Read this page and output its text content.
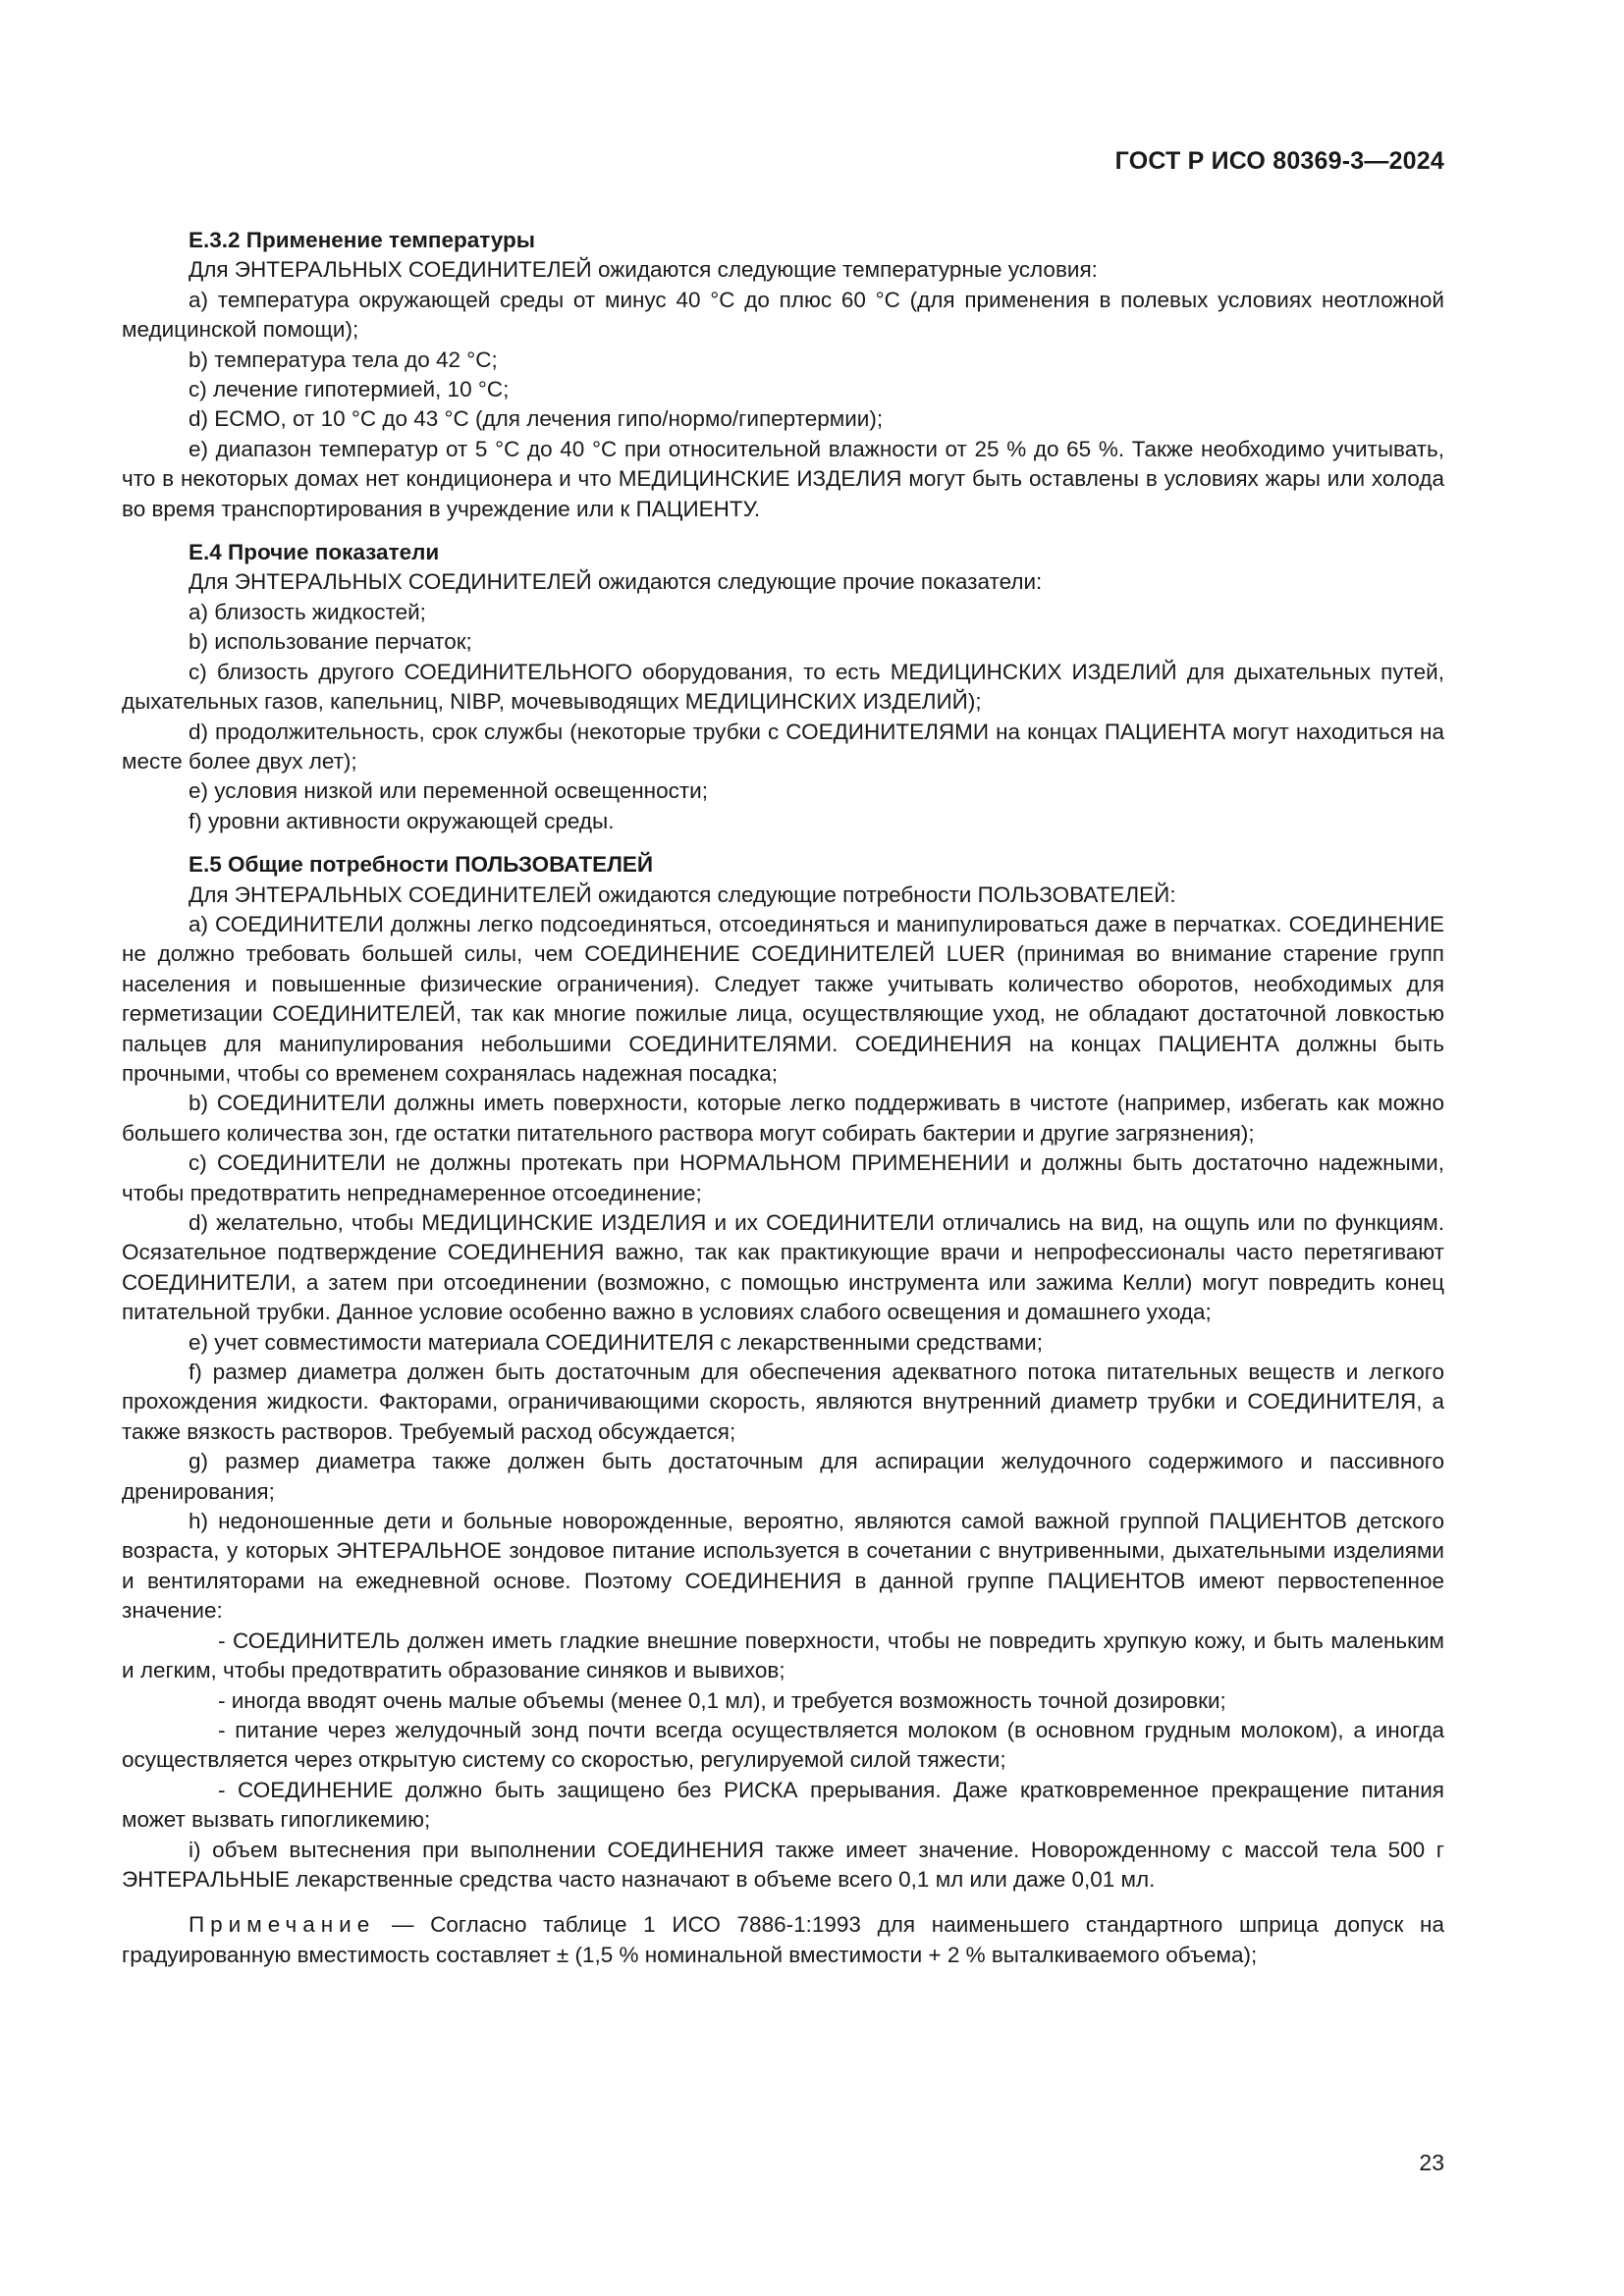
ГОСТ Р ИСО 80369-3—2024
Е.3.2 Применение температуры

Для ЭНТЕРАЛЬНЫХ СОЕДИНИТЕЛЕЙ ожидаются следующие температурные условия:

a) температура окружающей среды от минус 40 °С до плюс 60 °С (для применения в полевых условиях неотложной медицинской помощи);

b) температура тела до 42 °С;

c) лечение гипотермией, 10 °С;

d) ЕСМО, от 10 °С до 43 °С (для лечения гипо/нормо/гипертермии);

e) диапазон температур от 5 °С до 40 °С при относительной влажности от 25 % до 65 %. Также необходимо учитывать, что в некоторых домах нет кондиционера и что МЕДИЦИНСКИЕ ИЗДЕЛИЯ могут быть оставлены в условиях жары или холода во время транспортирования в учреждение или к ПАЦИЕНТУ.

Е.4 Прочие показатели

Для ЭНТЕРАЛЬНЫХ СОЕДИНИТЕЛЕЙ ожидаются следующие прочие показатели:

a) близость жидкостей;

b) использование перчаток;

c) близость другого СОЕДИНИТЕЛЬНОГО оборудования, то есть МЕДИЦИНСКИХ ИЗДЕЛИЙ для дыхательных путей, дыхательных газов, капельниц, NIBP, мочевыводящих МЕДИЦИНСКИХ ИЗДЕЛИЙ);

d) продолжительность, срок службы (некоторые трубки с СОЕДИНИТЕЛЯМИ на концах ПАЦИЕНТА могут находиться на месте более двух лет);

e) условия низкой или переменной освещенности;

f) уровни активности окружающей среды.

Е.5 Общие потребности ПОЛЬЗОВАТЕЛЕЙ

Для ЭНТЕРАЛЬНЫХ СОЕДИНИТЕЛЕЙ ожидаются следующие потребности ПОЛЬЗОВАТЕЛЕЙ:

a) СОЕДИНИТЕЛИ должны легко подсоединяться, отсоединяться и манипулироваться даже в перчатках. СОЕДИНЕНИЕ не должно требовать большей силы, чем СОЕДИНЕНИЕ СОЕДИНИТЕЛЕЙ LUER (принимая во внимание старение групп населения и повышенные физические ограничения). Следует также учитывать количество оборотов, необходимых для герметизации СОЕДИНИТЕЛЕЙ, так как многие пожилые лица, осуществляющие уход, не обладают достаточной ловкостью пальцев для манипулирования небольшими СОЕДИНИТЕЛЯМИ. СОЕДИНЕНИЯ на концах ПАЦИЕНТА должны быть прочными, чтобы со временем сохранялась надежная посадка;

b) СОЕДИНИТЕЛИ должны иметь поверхности, которые легко поддерживать в чистоте (например, избегать как можно большего количества зон, где остатки питательного раствора могут собирать бактерии и другие загрязнения);

c) СОЕДИНИТЕЛИ не должны протекать при НОРМАЛЬНОМ ПРИМЕНЕНИИ и должны быть достаточно надежными, чтобы предотвратить непреднамеренное отсоединение;

d) желательно, чтобы МЕДИЦИНСКИЕ ИЗДЕЛИЯ и их СОЕДИНИТЕЛИ отличались на вид, на ощупь или по функциям. Осязательное подтверждение СОЕДИНЕНИЯ важно, так как практикующие врачи и непрофессионалы часто перетягивают СОЕДИНИТЕЛИ, а затем при отсоединении (возможно, с помощью инструмента или зажима Келли) могут повредить конец питательной трубки. Данное условие особенно важно в условиях слабого освещения и домашнего ухода;

e) учет совместимости материала СОЕДИНИТЕЛЯ с лекарственными средствами;

f) размер диаметра должен быть достаточным для обеспечения адекватного потока питательных веществ и легкого прохождения жидкости. Факторами, ограничивающими скорость, являются внутренний диаметр трубки и СОЕДИНИТЕЛЯ, а также вязкость растворов. Требуемый расход обсуждается;

g) размер диаметра также должен быть достаточным для аспирации желудочного содержимого и пассивного дренирования;

h) недоношенные дети и больные новорожденные, вероятно, являются самой важной группой ПАЦИЕНТОВ детского возраста, у которых ЭНТЕРАЛЬНОЕ зондовое питание используется в сочетании с внутривенными, дыхательными изделиями и вентиляторами на ежедневной основе. Поэтому СОЕДИНЕНИЯ в данной группе ПАЦИЕНТОВ имеют первостепенное значение:

- СОЕДИНИТЕЛЬ должен иметь гладкие внешние поверхности, чтобы не повредить хрупкую кожу, и быть маленьким и легким, чтобы предотвратить образование синяков и вывихов;

- иногда вводят очень малые объемы (менее 0,1 мл), и требуется возможность точной дозировки;

- питание через желудочный зонд почти всегда осуществляется молоком (в основном грудным молоком), а иногда осуществляется через открытую систему со скоростью, регулируемой силой тяжести;

- СОЕДИНЕНИЕ должно быть защищено без РИСКА прерывания. Даже кратковременное прекращение питания может вызвать гипогликемию;

i) объем вытеснения при выполнении СОЕДИНЕНИЯ также имеет значение. Новорожденному с массой тела 500 г ЭНТЕРАЛЬНЫЕ лекарственные средства часто назначают в объеме всего 0,1 мл или даже 0,01 мл.

Примечание — Согласно таблице 1 ИСО 7886-1:1993 для наименьшего стандартного шприца допуск на градуированную вместимость составляет ± (1,5 % номинальной вместимости + 2 % выталкиваемого объема);

23
